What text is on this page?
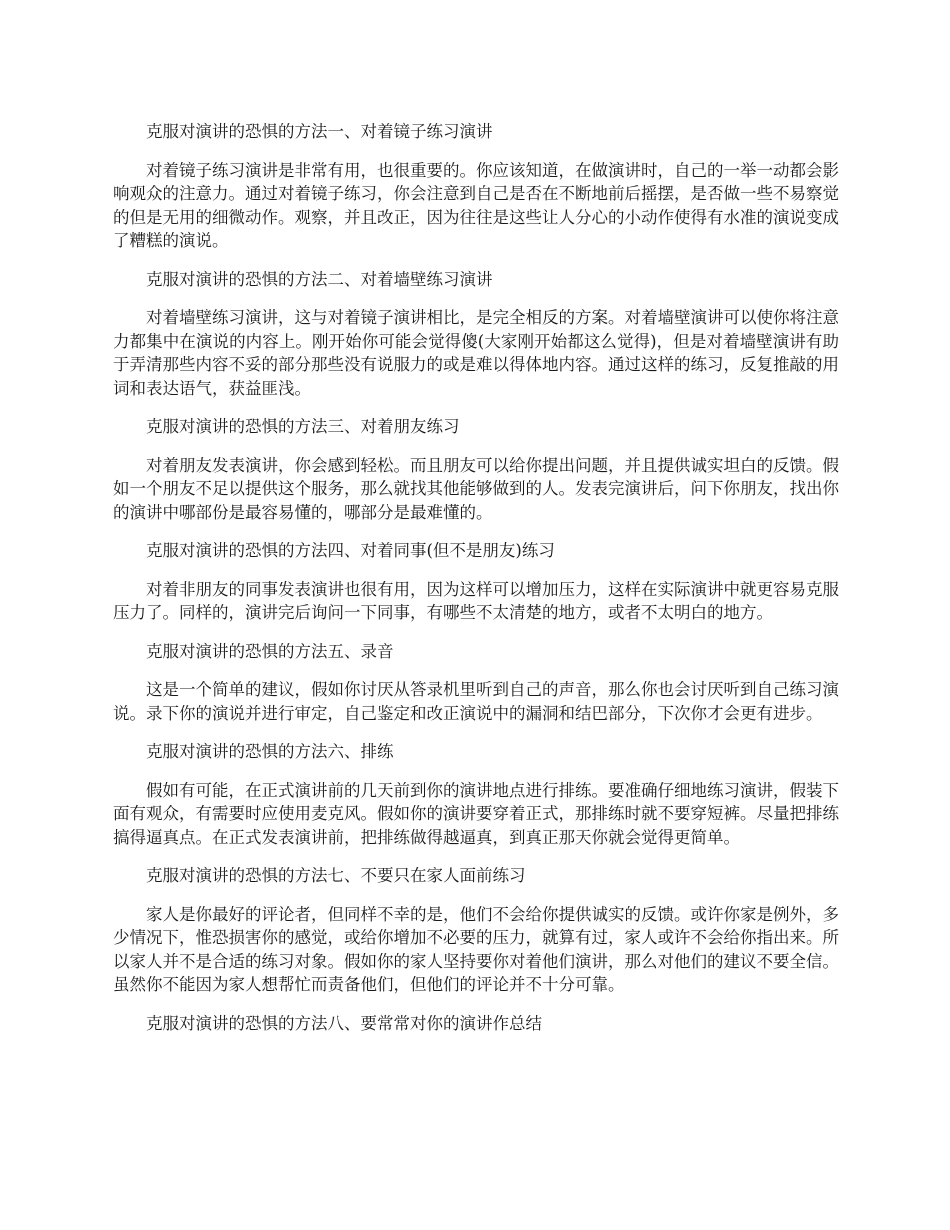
克服对演讲的恐惧的方法一、对着镜子练习演讲

对着镜子练习演讲是非常有用，也很重要的。你应该知道，在做演讲时，自己的一举一动都会影响观众的注意力。通过对着镜子练习，你会注意到自己是否在不断地前后摇摆，是否做一些不易察觉的但是无用的细微动作。观察，并且改正，因为往往是这些让人分心的小动作使得有水准的演说变成了糟糕的演说。

克服对演讲的恐惧的方法二、对着墙壁练习演讲

对着墙壁练习演讲，这与对着镜子演讲相比，是完全相反的方案。对着墙壁演讲可以使你将注意力都集中在演说的内容上。刚开始你可能会觉得傻(大家刚开始都这么觉得)，但是对着墙壁演讲有助于弄清那些内容不妥的部分那些没有说服力的或是难以得体地内容。通过这样的练习，反复推敲的用词和表达语气，获益匪浅。

克服对演讲的恐惧的方法三、对着朋友练习

对着朋友发表演讲，你会感到轻松。而且朋友可以给你提出问题，并且提供诚实坦白的反馈。假如一个朋友不足以提供这个服务，那么就找其他能够做到的人。发表完演讲后，问下你朋友，找出你的演讲中哪部份是最容易懂的，哪部分是最难懂的。

克服对演讲的恐惧的方法四、对着同事(但不是朋友)练习

对着非朋友的同事发表演讲也很有用，因为这样可以增加压力，这样在实际演讲中就更容易克服压力了。同样的，演讲完后询问一下同事，有哪些不太清楚的地方，或者不太明白的地方。

克服对演讲的恐惧的方法五、录音

这是一个简单的建议，假如你讨厌从答录机里听到自己的声音，那么你也会讨厌听到自己练习演说。录下你的演说并进行审定，自己鉴定和改正演说中的漏洞和结巴部分，下次你才会更有进步。

克服对演讲的恐惧的方法六、排练

假如有可能，在正式演讲前的几天前到你的演讲地点进行排练。要准确仔细地练习演讲，假装下面有观众，有需要时应使用麦克风。假如你的演讲要穿着正式，那排练时就不要穿短裤。尽量把排练搞得逼真点。在正式发表演讲前，把排练做得越逼真，到真正那天你就会觉得更简单。

克服对演讲的恐惧的方法七、不要只在家人面前练习

家人是你最好的评论者，但同样不幸的是，他们不会给你提供诚实的反馈。或许你家是例外，多少情况下，惟恐损害你的感觉，或给你增加不必要的压力，就算有过，家人或许不会给你指出来。所以家人并不是合适的练习对象。假如你的家人坚持要你对着他们演讲，那么对他们的建议不要全信。虽然你不能因为家人想帮忙而责备他们，但他们的评论并不十分可靠。

克服对演讲的恐惧的方法八、要常常对你的演讲作总结
